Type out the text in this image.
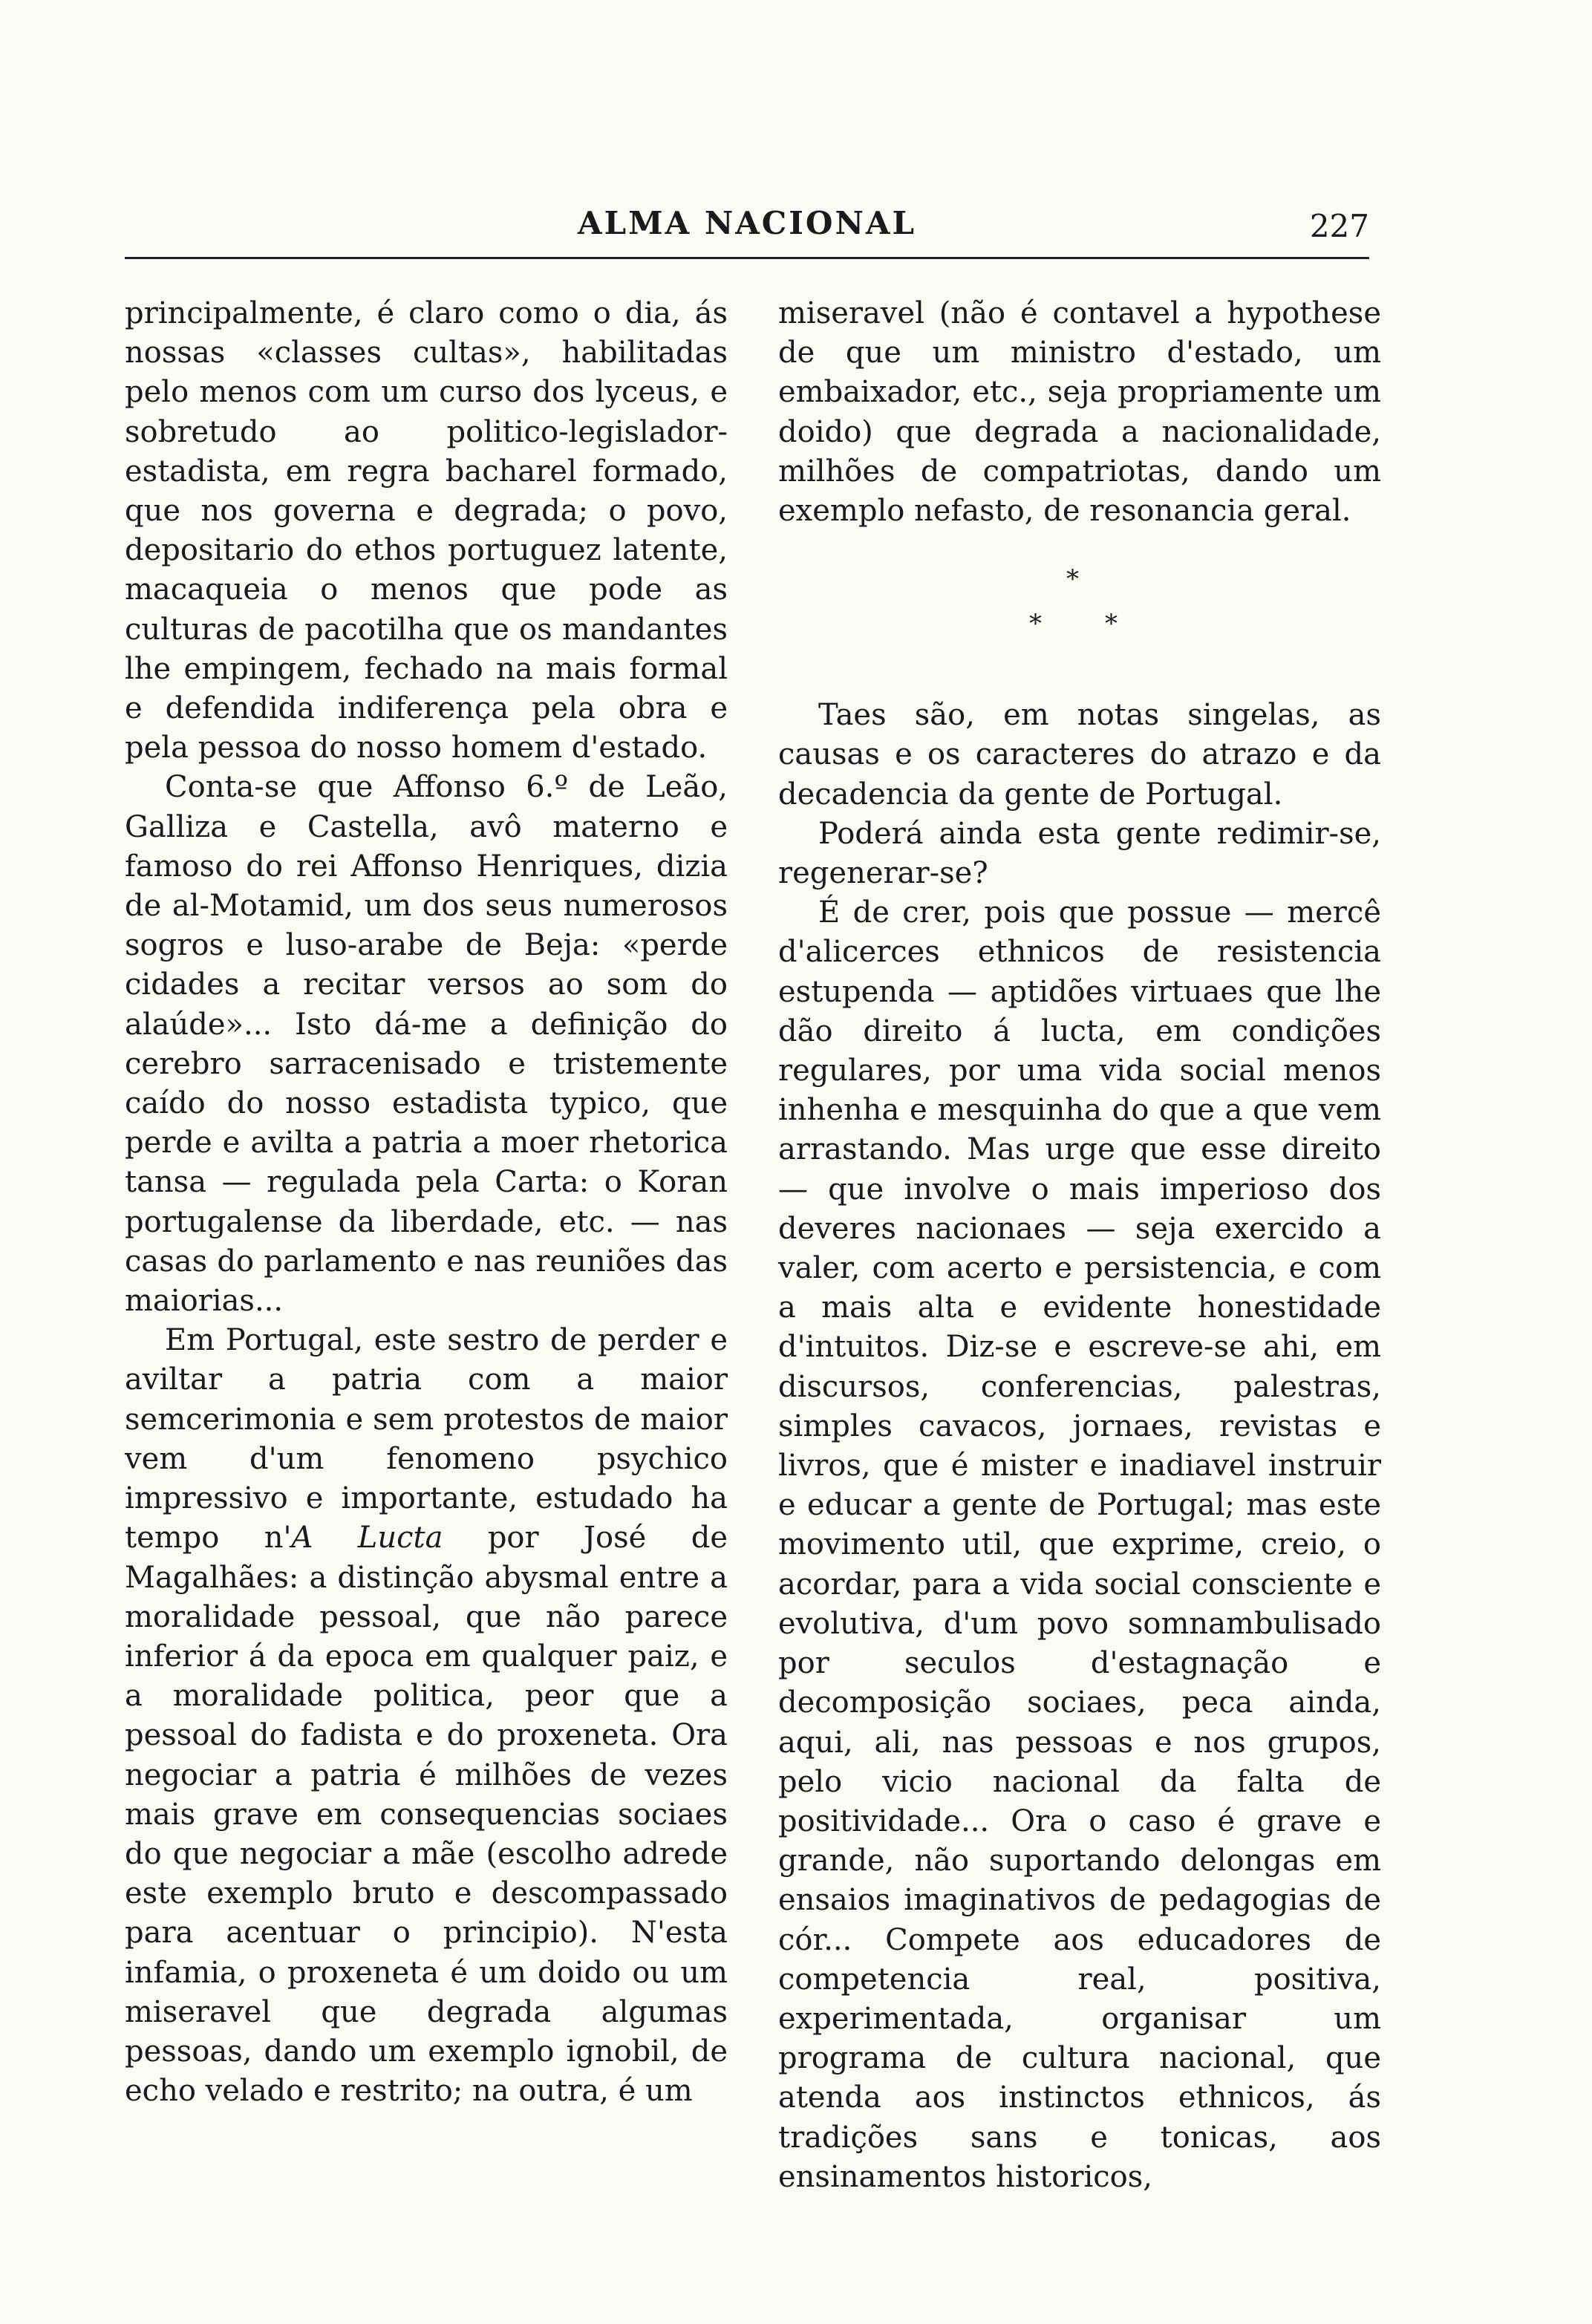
ALMA NACIONAL	227

principalmente, é claro como o dia, ás nossas «classes cultas», habilitadas pelo menos com um curso dos lyceus, e sobretudo ao politico-legislador-estadista, em regra bacharel formado, que nos governa e degrada; o povo, depositario do ethos portuguez latente, macaqueia o menos que pode as culturas de pacotilha que os mandantes lhe empingem, fechado na mais formal e defendida indiferença pela obra e pela pessoa do nosso homem d'estado.

Conta-se que Affonso 6.º de Leão, Galliza e Castella, avô materno e famoso do rei Affonso Henriques, dizia de al-Motamid, um dos seus numerosos sogros e luso-arabe de Beja: «perde cidades a recitar versos ao som do alaúde»... Isto dá-me a definição do cerebro sarracenisado e tristemente caído do nosso estadista typico, que perde e avilta a patria a moer rhetorica tansa — regulada pela Carta: o Koran portugalense da liberdade, etc. — nas casas do parlamento e nas reuniões das maiorias...

Em Portugal, este sestro de perder e aviltar a patria com a maior semcerimonia e sem protestos de maior vem d'um fenomeno psychico impressivo e importante, estudado ha tempo n'A Lucta por José de Magalhães: a distinção abysmal entre a moralidade pessoal, que não parece inferior á da epoca em qualquer paiz, e a moralidade politica, peor que a pessoal do fadista e do proxeneta. Ora negociar a patria é milhões de vezes mais grave em consequencias sociaes do que negociar a mãe (escolho adrede este exemplo bruto e descompassado para acentuar o principio). N'esta infamia, o proxeneta é um doido ou um miseravel que degrada algumas pessoas, dando um exemplo ignobil, de echo velado e restrito; na outra, é um

miseravel (não é contavel a hypothese de que um ministro d'estado, um embaixador, etc., seja propriamente um doido) que degrada a nacionalidade, milhões de compatriotas, dando um exemplo nefasto, de resonancia geral.

*
*	*

Taes são, em notas singelas, as causas e os caracteres do atrazo e da decadencia da gente de Portugal.

Poderá ainda esta gente redimir-se, regenerar-se?

É de crer, pois que possue — mercê d'alicerces ethnicos de resistencia estupenda — aptidões virtuaes que lhe dão direito á lucta, em condições regulares, por uma vida social menos inhenha e mesquinha do que a que vem arrastando. Mas urge que esse direito — que involve o mais imperioso dos deveres nacionaes — seja exercido a valer, com acerto e persistencia, e com a mais alta e evidente honestidade d'intuitos. Diz-se e escreve-se ahi, em discursos, conferencias, palestras, simples cavacos, jornaes, revistas e livros, que é mister e inadiavel instruir e educar a gente de Portugal; mas este movimento util, que exprime, creio, o acordar, para a vida social consciente e evolutiva, d'um povo somnambulisado por seculos d'estagnação e decomposição sociaes, peca ainda, aqui, ali, nas pessoas e nos grupos, pelo vicio nacional da falta de positividade... Ora o caso é grave e grande, não suportando delongas em ensaios imaginativos de pedagogias de cór... Compete aos educadores de competencia real, positiva, experimentada, organisar um programa de cultura nacional, que atenda aos instinctos ethnicos, ás tradições sans e tonicas, aos ensinamentos historicos,
